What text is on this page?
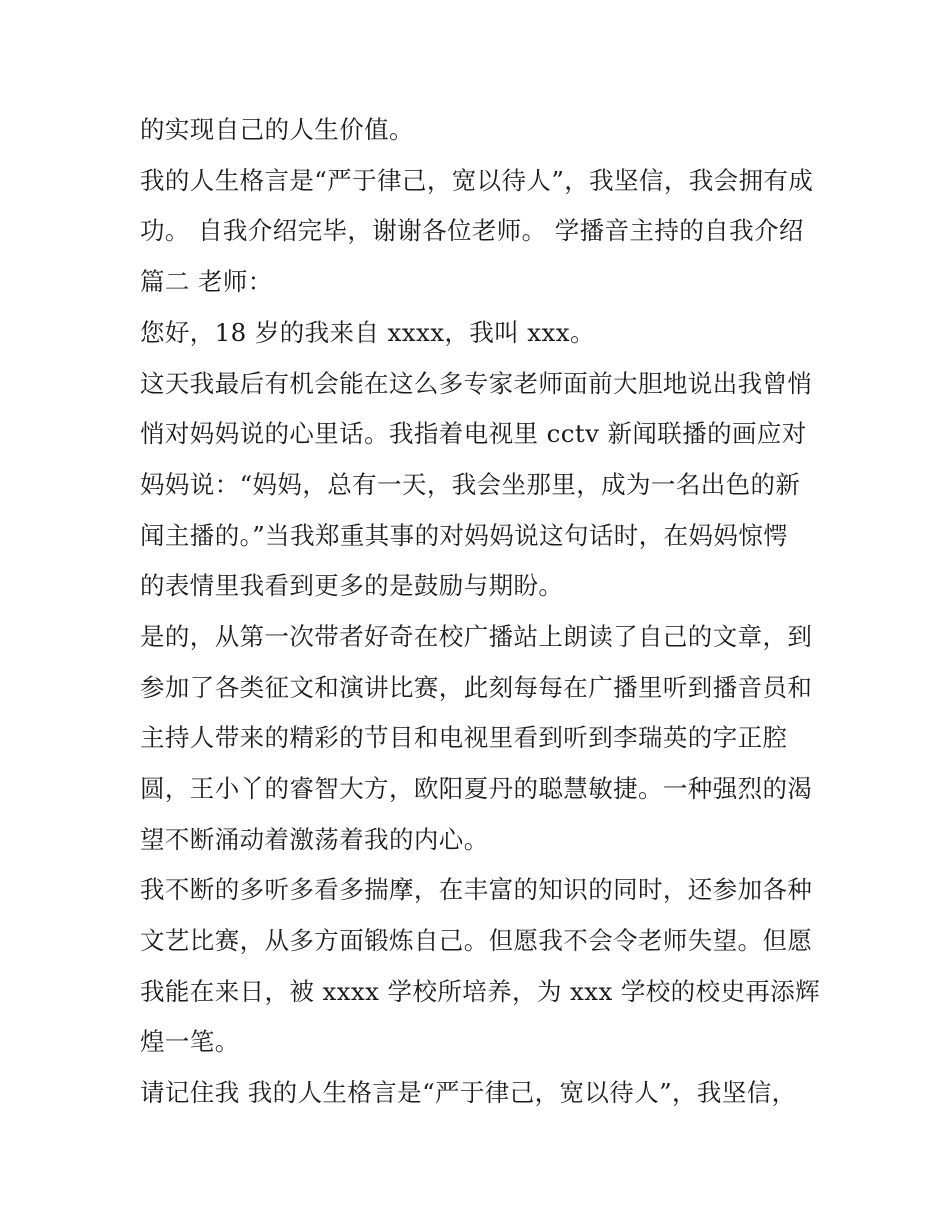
的实现自己的人生价值。
我的人生格言是“严于律己，宽以待人”，我坚信，我会拥有成
功。 自我介绍完毕，谢谢各位老师。 学播音主持的自我介绍
篇二 老师：
您好，18 岁的我来自 xxxx，我叫 xxx。
这天我最后有机会能在这么多专家老师面前大胆地说出我曾悄
悄对妈妈说的心里话。我指着电视里 cctv 新闻联播的画应对
妈妈说：“妈妈，总有一天，我会坐那里，成为一名出色的新
闻主播的。”当我郑重其事的对妈妈说这句话时，在妈妈惊愕
的表情里我看到更多的是鼓励与期盼。
是的，从第一次带者好奇在校广播站上朗读了自己的文章，到
参加了各类征文和演讲比赛，此刻每每在广播里听到播音员和
主持人带来的精彩的节目和电视里看到听到李瑞英的字正腔
圆，王小丫的睿智大方，欧阳夏丹的聪慧敏捷。一种强烈的渴
望不断涌动着激荡着我的内心。
我不断的多听多看多揣摩，在丰富的知识的同时，还参加各种
文艺比赛，从多方面锻炼自己。但愿我不会令老师失望。但愿
我能在来日，被 xxxx 学校所培养，为 xxx 学校的校史再添辉
煌一笔。
请记住我 我的人生格言是“严于律己，宽以待人”，我坚信，
